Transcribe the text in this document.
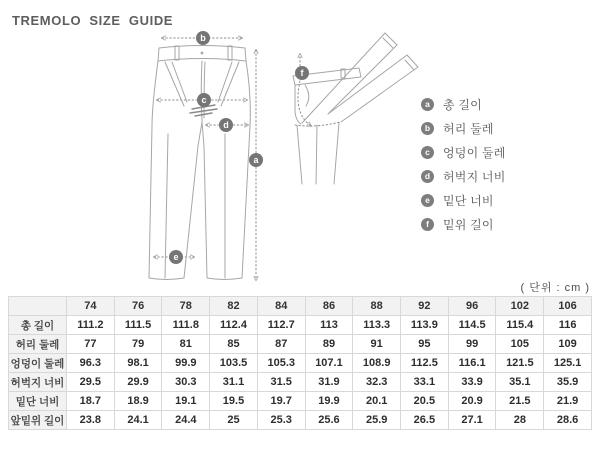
TREMOLO SIZE GUIDE
b
c
d
a
e
f
a	총 길이
b	허리 둘레
c	엉덩이 둘레
d	허벅지 너비
e	밑단 너비
f	밑위 길이
( 단위 : cm )
	74	76	78	82	84	86	88	92	96	102	106
총 길이	111.2	111.5	111.8	112.4	112.7	113	113.3	113.9	114.5	115.4	116
허리 둘레	77	79	81	85	87	89	91	95	99	105	109
엉덩이 둘레	96.3	98.1	99.9	103.5	105.3	107.1	108.9	112.5	116.1	121.5	125.1
허벅지 너비	29.5	29.9	30.3	31.1	31.5	31.9	32.3	33.1	33.9	35.1	35.9
밑단 너비	18.7	18.9	19.1	19.5	19.7	19.9	20.1	20.5	20.9	21.5	21.9
앞밑위 길이	23.8	24.1	24.4	25	25.3	25.6	25.9	26.5	27.1	28	28.6
